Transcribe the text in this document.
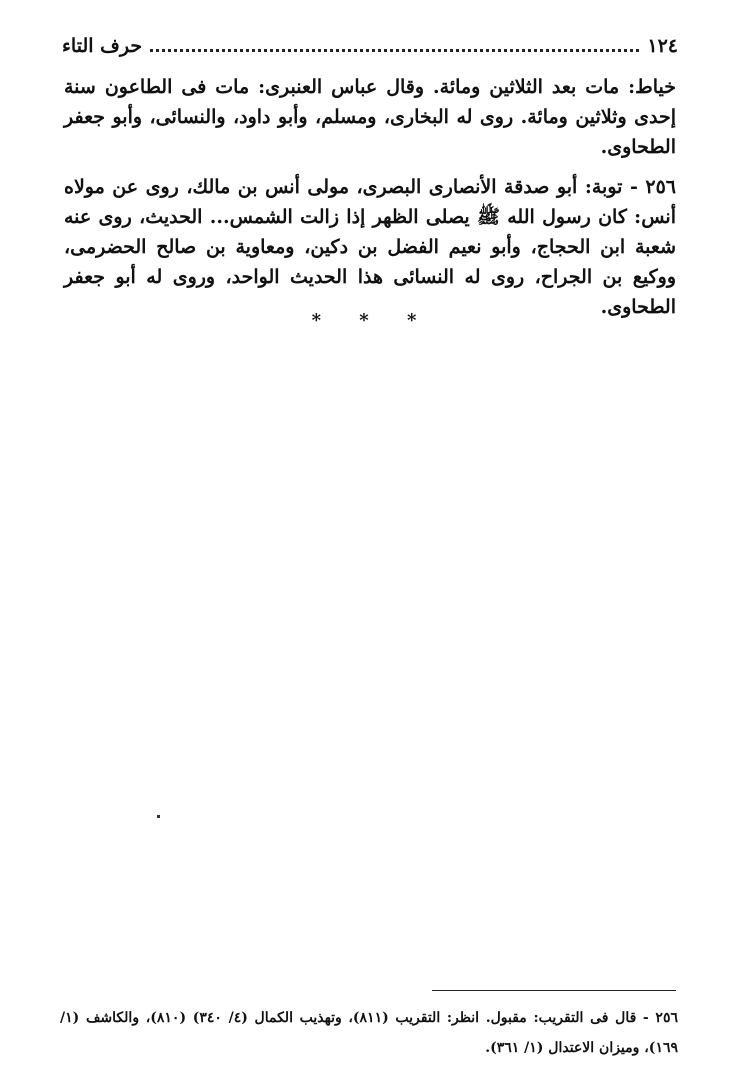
١٢٤
حرف التاء

خياط: مات بعد الثلاثين ومائة. وقال عباس العنبرى: مات فى الطاعون سنة إحدى وثلاثين ومائة. روى له البخارى، ومسلم، وأبو داود، والنسائى، وأبو جعفر الطحاوى.

٢٥٦ - توبة: أبو صدقة الأنصارى البصرى، مولى أنس بن مالك، روى عن مولاه أنس: كان رسول الله ﷺ يصلى الظهر إذا زالت الشمس... الحديث، روى عنه شعبة ابن الحجاج، وأبو نعيم الفضل بن دكين، ومعاوية بن صالح الحضرمى، ووكيع بن الجراح، روى له النسائى هذا الحديث الواحد، وروى له أبو جعفر الطحاوى.

* * *
٢٥٦ - قال فى التقريب: مقبول. انظر: التقريب (٨١١)، وتهذيب الكمال (٤/ ٣٤٠) (٨١٠)، والكاشف (١/ ١٦٩)، وميزان الاعتدال (١/ ٣٦١).
